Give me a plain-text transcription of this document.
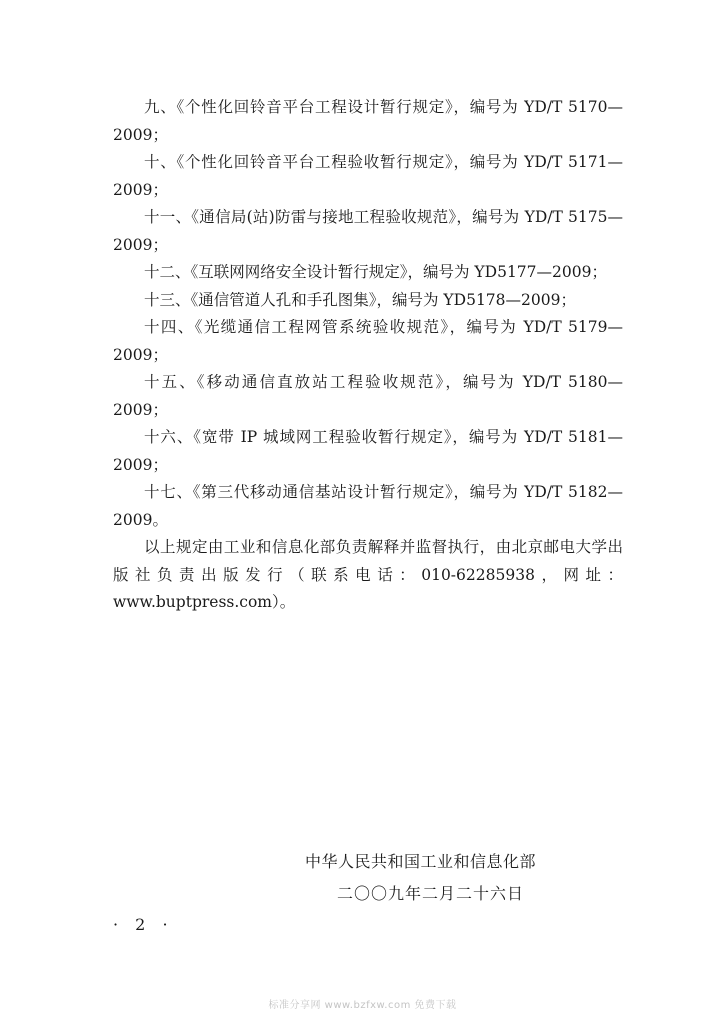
九、《个性化回铃音平台工程设计暂行规定》，编号为 YD/T 5170—2009；

十、《个性化回铃音平台工程验收暂行规定》，编号为 YD/T 5171—2009；

十一、《通信局(站)防雷与接地工程验收规范》，编号为 YD/T 5175—2009；

十二、《互联网网络安全设计暂行规定》，编号为 YD5177—2009；

十三、《通信管道人孔和手孔图集》，编号为 YD5178—2009；

十四、《光缆通信工程网管系统验收规范》，编号为 YD/T 5179—2009；

十五、《移动通信直放站工程验收规范》，编号为 YD/T 5180—2009；

十六、《宽带 IP 城域网工程验收暂行规定》，编号为 YD/T 5181—2009；

十七、《第三代移动通信基站设计暂行规定》，编号为 YD/T 5182—2009。

以上规定由工业和信息化部负责解释并监督执行，由北京邮电大学出版社负责出版发行（联系电话：010-62285938，网址：www.buptpress.com）。

中华人民共和国工业和信息化部

二〇〇九年二月二十六日

· 2 ·
标准分享网 www.bzfxw.com 免费下载
